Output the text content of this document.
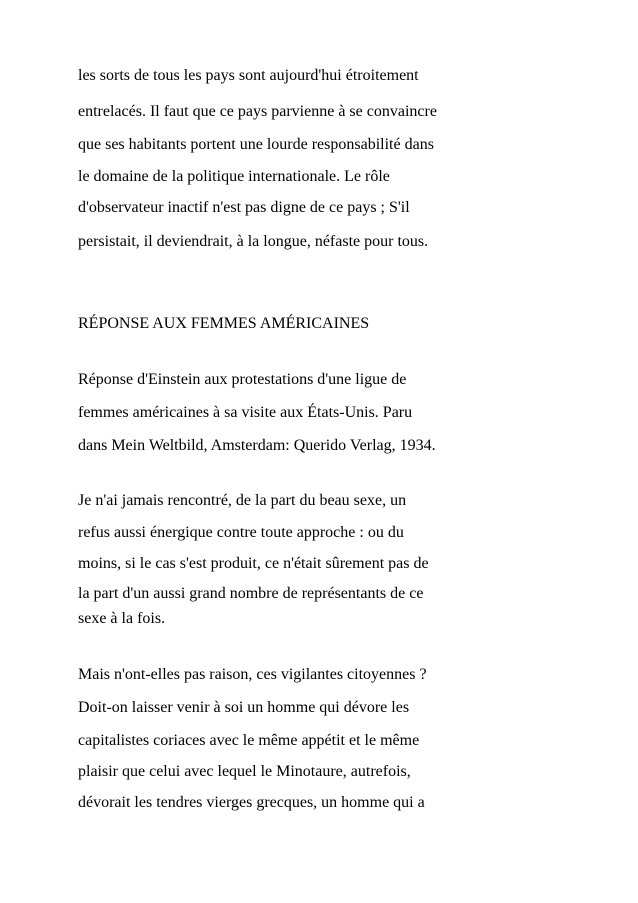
les sorts de tous les pays sont aujourd'hui étroitement

entrelacés. Il faut que ce pays parvienne à se convaincre

que ses habitants portent une lourde responsabilité dans

le domaine de la politique internationale. Le rôle

d'observateur inactif n'est pas digne de ce pays ; S'il

persistait, il deviendrait, à la longue, néfaste pour tous.

RÉPONSE AUX FEMMES AMÉRICAINES

Réponse d'Einstein aux protestations d'une ligue de

femmes américaines à sa visite aux États-Unis. Paru

dans Mein Weltbild, Amsterdam: Querido Verlag, 1934.

Je n'ai jamais rencontré, de la part du beau sexe, un

refus aussi énergique contre toute approche : ou du

moins, si le cas s'est produit, ce n'était sûrement pas de

la part d'un aussi grand nombre de représentants de ce

sexe à la fois.

Mais n'ont-elles pas raison, ces vigilantes citoyennes ?

Doit-on laisser venir à soi un homme qui dévore les

capitalistes coriaces avec le même appétit et le même

plaisir que celui avec lequel le Minotaure, autrefois,

dévorait les tendres vierges grecques, un homme qui a
